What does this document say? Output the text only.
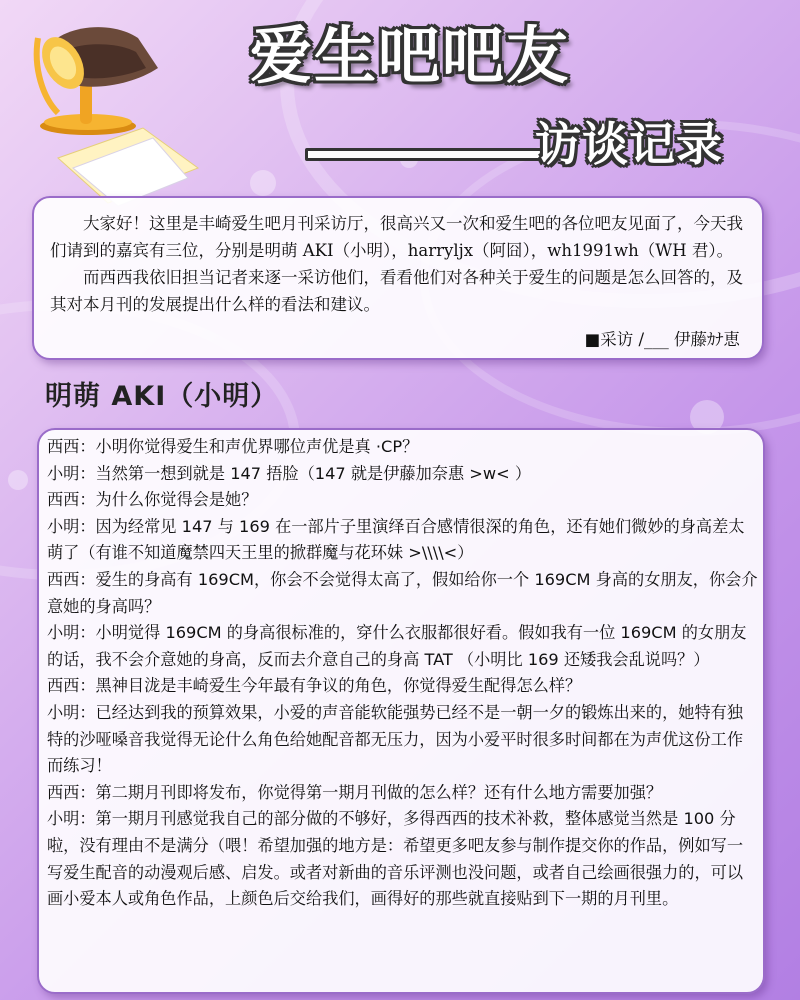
爱生吧吧友
访谈记录

大家好！这里是丰崎爱生吧月刊采访厅，很高兴又一次和爱生吧的各位吧友见面了，今天我们请到的嘉宾有三位，分别是明萌 AKI（小明），harryljx（阿囧），wh1991wh（WH 君）。

而西西我依旧担当记者来逐一采访他们，看看他们对各种关于爱生的问题是怎么回答的，及其对本月刊的发展提出什么样的看法和建议。

■采访 /___ 伊藤ｶﾅ恵
明萌 AKI（小明）

西西：小明你觉得爱生和声优界哪位声优是真 ·CP？

小明：当然第一想到就是 147 捂脸（147 就是伊藤加奈惠 >w< ）

西西：为什么你觉得会是她？

小明：因为经常见 147 与 169 在一部片子里演绎百合感情很深的角色，还有她们微妙的身高差太萌了（有谁不知道魔禁四天王里的掀群魔与花环妹 >\\\\<）

西西：爱生的身高有 169CM，你会不会觉得太高了，假如给你一个 169CM 身高的女朋友，你会介意她的身高吗？

小明：小明觉得 169CM 的身高很标准的，穿什么衣服都很好看。假如我有一位 169CM 的女朋友的话，我不会介意她的身高，反而去介意自己的身高 TAT （小明比 169 还矮我会乱说吗？）

西西：黑神目泷是丰崎爱生今年最有争议的角色，你觉得爱生配得怎么样？

小明：已经达到我的预算效果，小爱的声音能软能强势已经不是一朝一夕的锻炼出来的，她特有独特的沙哑嗓音我觉得无论什么角色给她配音都无压力，因为小爱平时很多时间都在为声优这份工作而练习！

西西：第二期月刊即将发布，你觉得第一期月刊做的怎么样？还有什么地方需要加强？

小明：第一期月刊感觉我自己的部分做的不够好，多得西西的技术补救，整体感觉当然是 100 分啦，没有理由不是满分（喂！希望加强的地方是：希望更多吧友参与制作提交你的作品，例如写一写爱生配音的动漫观后感、启发。或者对新曲的音乐评测也没问题，或者自己绘画很强力的，可以画小爱本人或角色作品，上颜色后交给我们，画得好的那些就直接贴到下一期的月刊里。
